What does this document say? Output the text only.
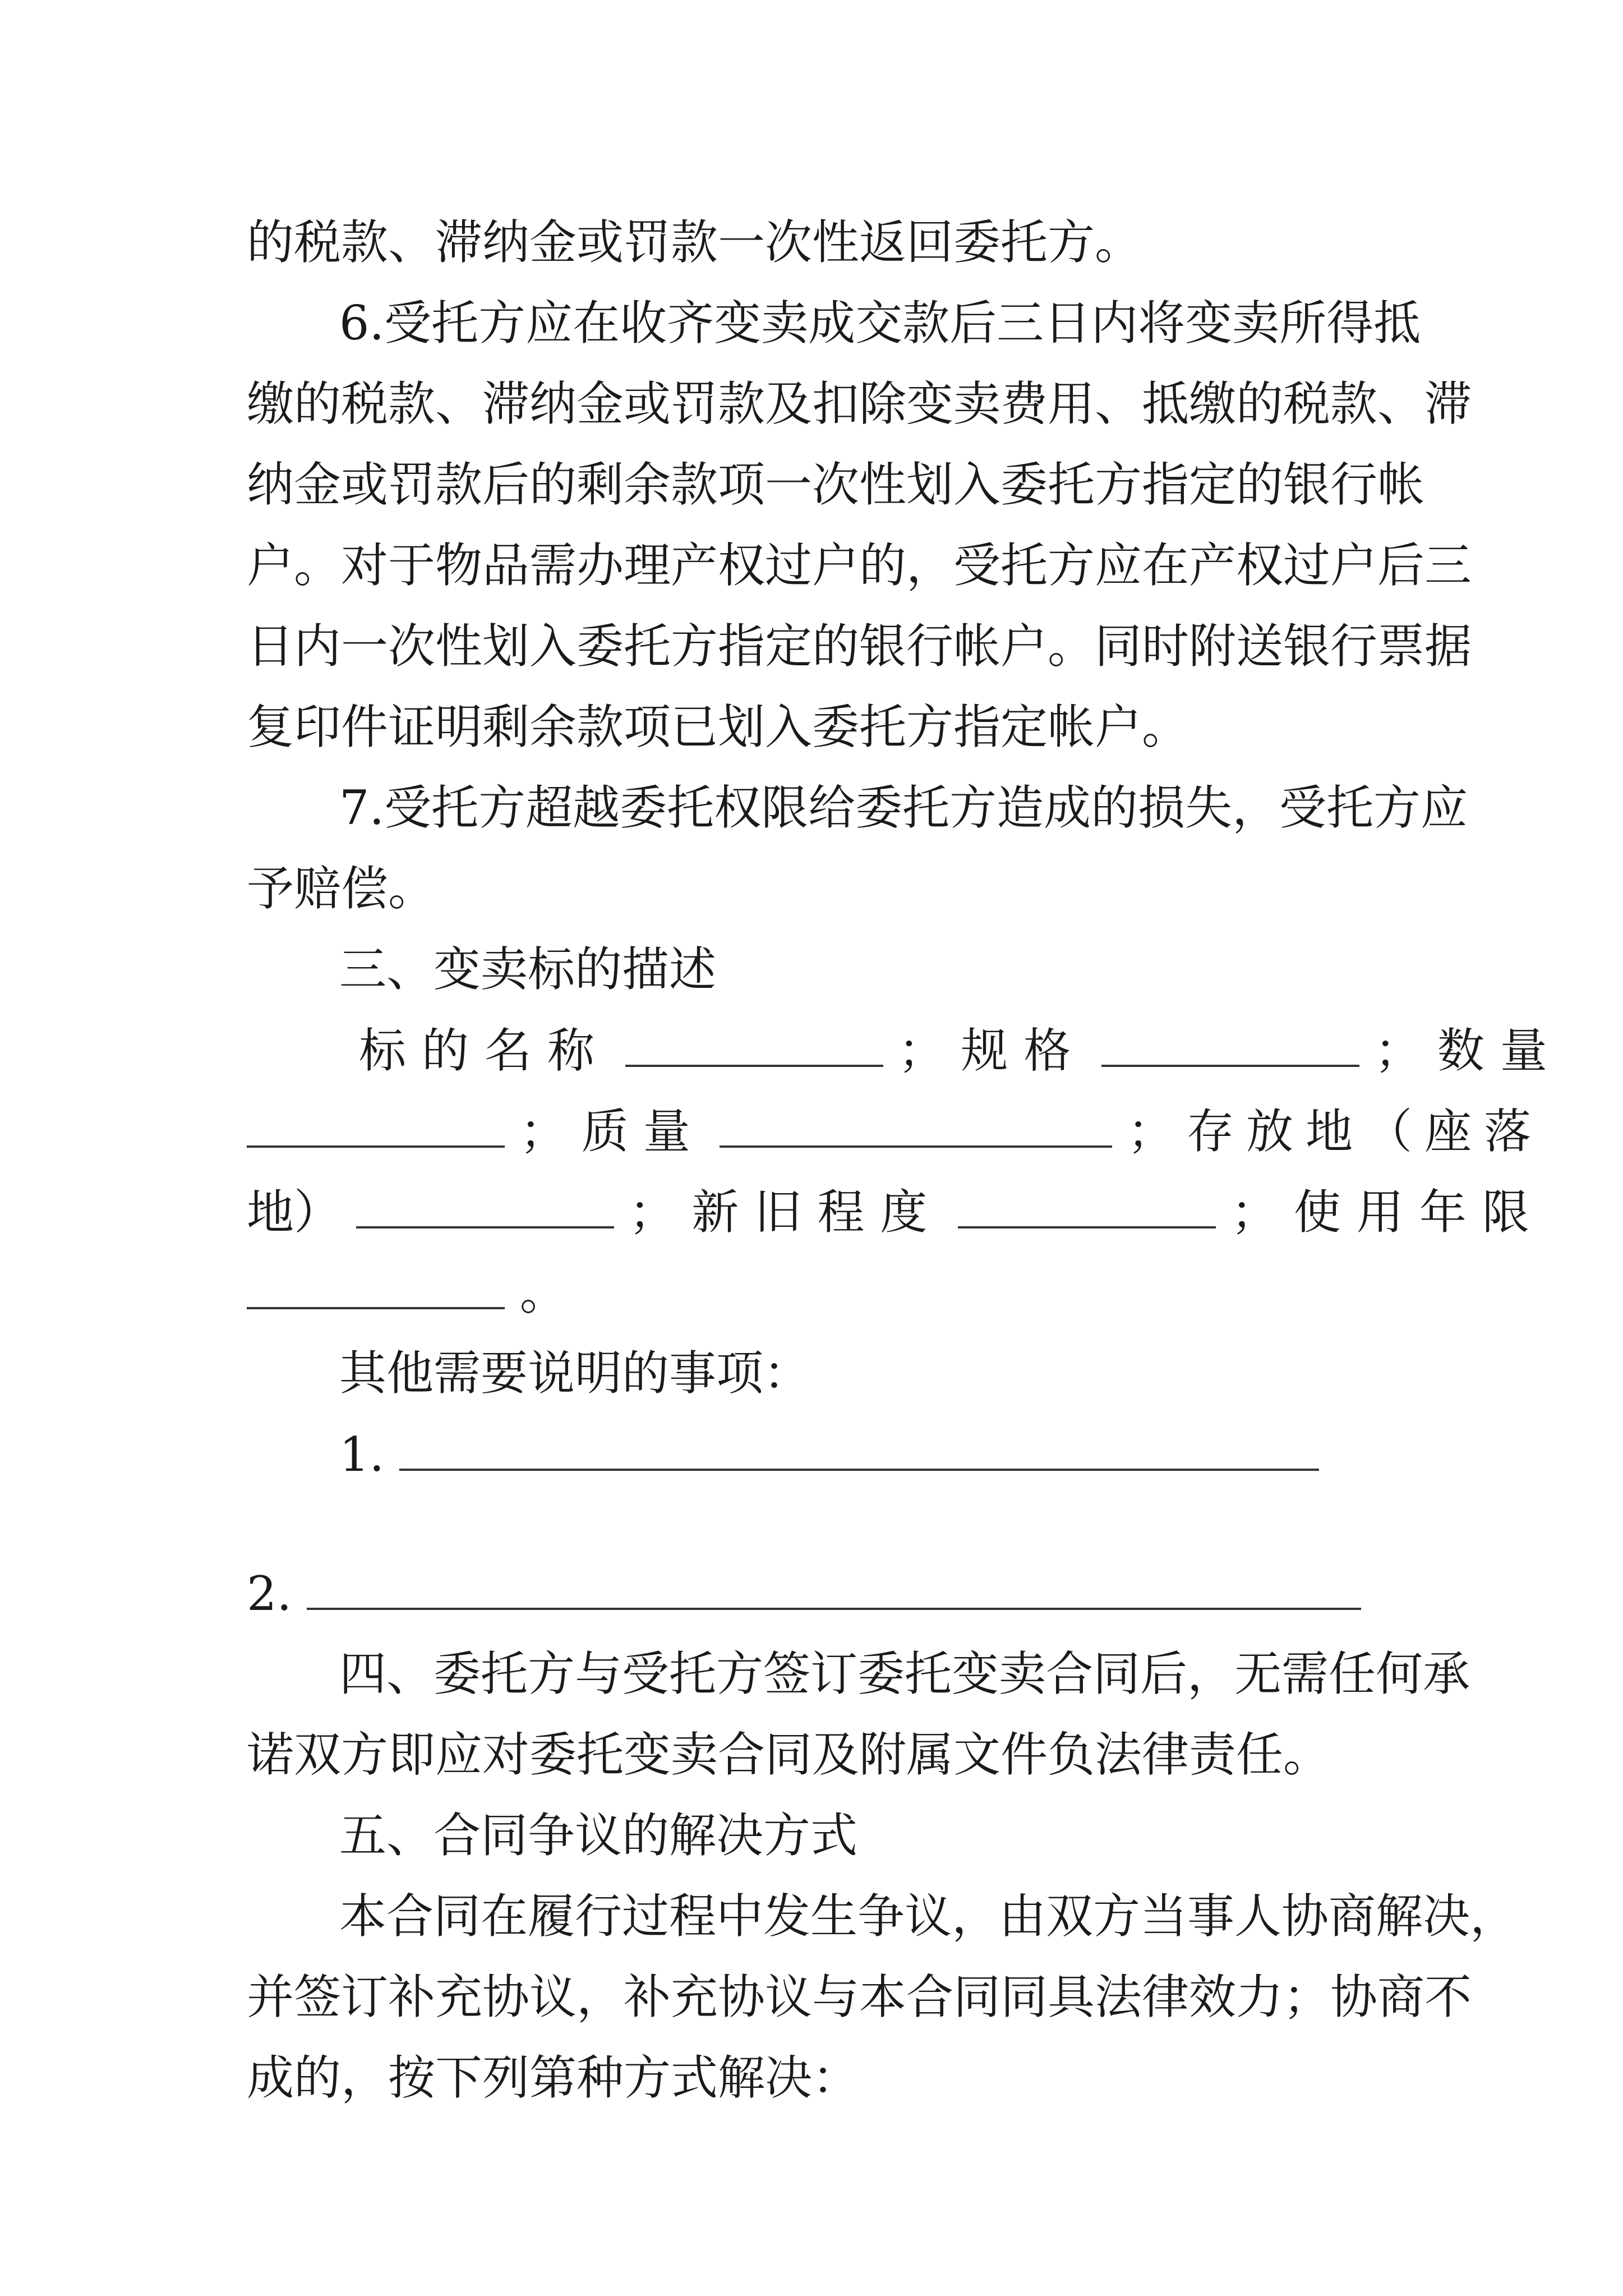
的税款、滞纳金或罚款一次性返回委托方。
6.受托方应在收齐变卖成交款后三日内将变卖所得抵
缴的税款、滞纳金或罚款及扣除变卖费用、抵缴的税款、滞
纳金或罚款后的剩余款项一次性划入委托方指定的银行帐
户。对于物品需办理产权过户的，受托方应在产权过户后三
日内一次性划入委托方指定的银行帐户。同时附送银行票据
复印件证明剩余款项已划入委托方指定帐户。
7.受托方超越委托权限给委托方造成的损失，受托方应
予赔偿。
三、变卖标的描述
标的名称	；规格	；数量
；质量	；存放地（座落
地）	；新旧程度	；使用年限
。
其他需要说明的事项：
1.
2.
四、委托方与受托方签订委托变卖合同后，无需任何承
诺双方即应对委托变卖合同及附属文件负法律责任。
五、合同争议的解决方式
本合同在履行过程中发生争议，由双方当事人协商解决，
并签订补充协议，补充协议与本合同同具法律效力；协商不
成的，按下列第种方式解决：
